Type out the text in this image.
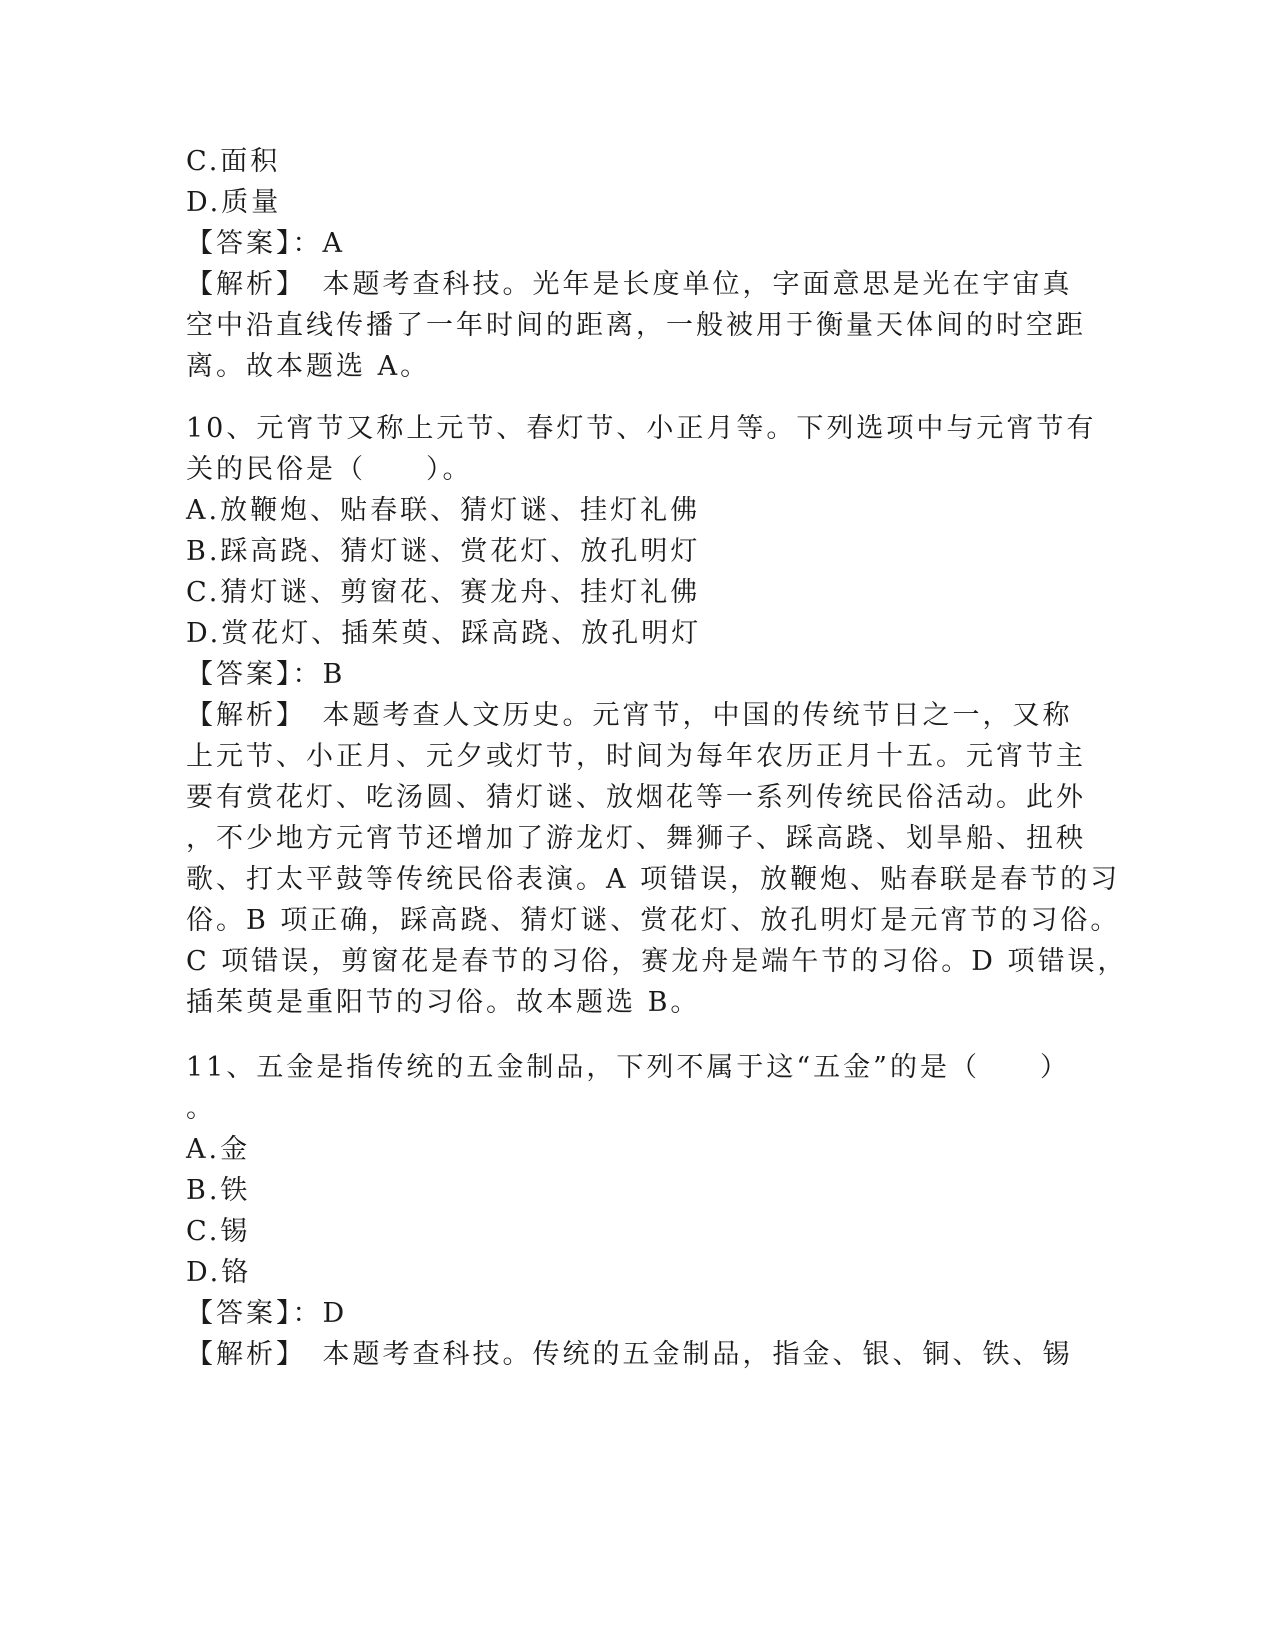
C.面积
D.质量
【答案】：A
【解析】　本题考查科技。光年是长度单位，字面意思是光在宇宙真
空中沿直线传播了一年时间的距离，一般被用于衡量天体间的时空距
离。故本题选 A。
10、元宵节又称上元节、春灯节、小正月等。下列选项中与元宵节有
关的民俗是（　　）。
A.放鞭炮、贴春联、猜灯谜、挂灯礼佛
B.踩高跷、猜灯谜、赏花灯、放孔明灯
C.猜灯谜、剪窗花、赛龙舟、挂灯礼佛
D.赏花灯、插茱萸、踩高跷、放孔明灯
【答案】：B
【解析】　本题考查人文历史。元宵节，中国的传统节日之一，又称
上元节、小正月、元夕或灯节，时间为每年农历正月十五。元宵节主
要有赏花灯、吃汤圆、猜灯谜、放烟花等一系列传统民俗活动。此外
，不少地方元宵节还增加了游龙灯、舞狮子、踩高跷、划旱船、扭秧
歌、打太平鼓等传统民俗表演。A 项错误，放鞭炮、贴春联是春节的习
俗。B 项正确，踩高跷、猜灯谜、赏花灯、放孔明灯是元宵节的习俗。
C 项错误，剪窗花是春节的习俗，赛龙舟是端午节的习俗。D 项错误，
插茱萸是重阳节的习俗。故本题选 B。
11、五金是指传统的五金制品，下列不属于这“五金”的是（　　）
。
A.金
B.铁
C.锡
D.铬
【答案】：D
【解析】　本题考查科技。传统的五金制品，指金、银、铜、铁、锡
